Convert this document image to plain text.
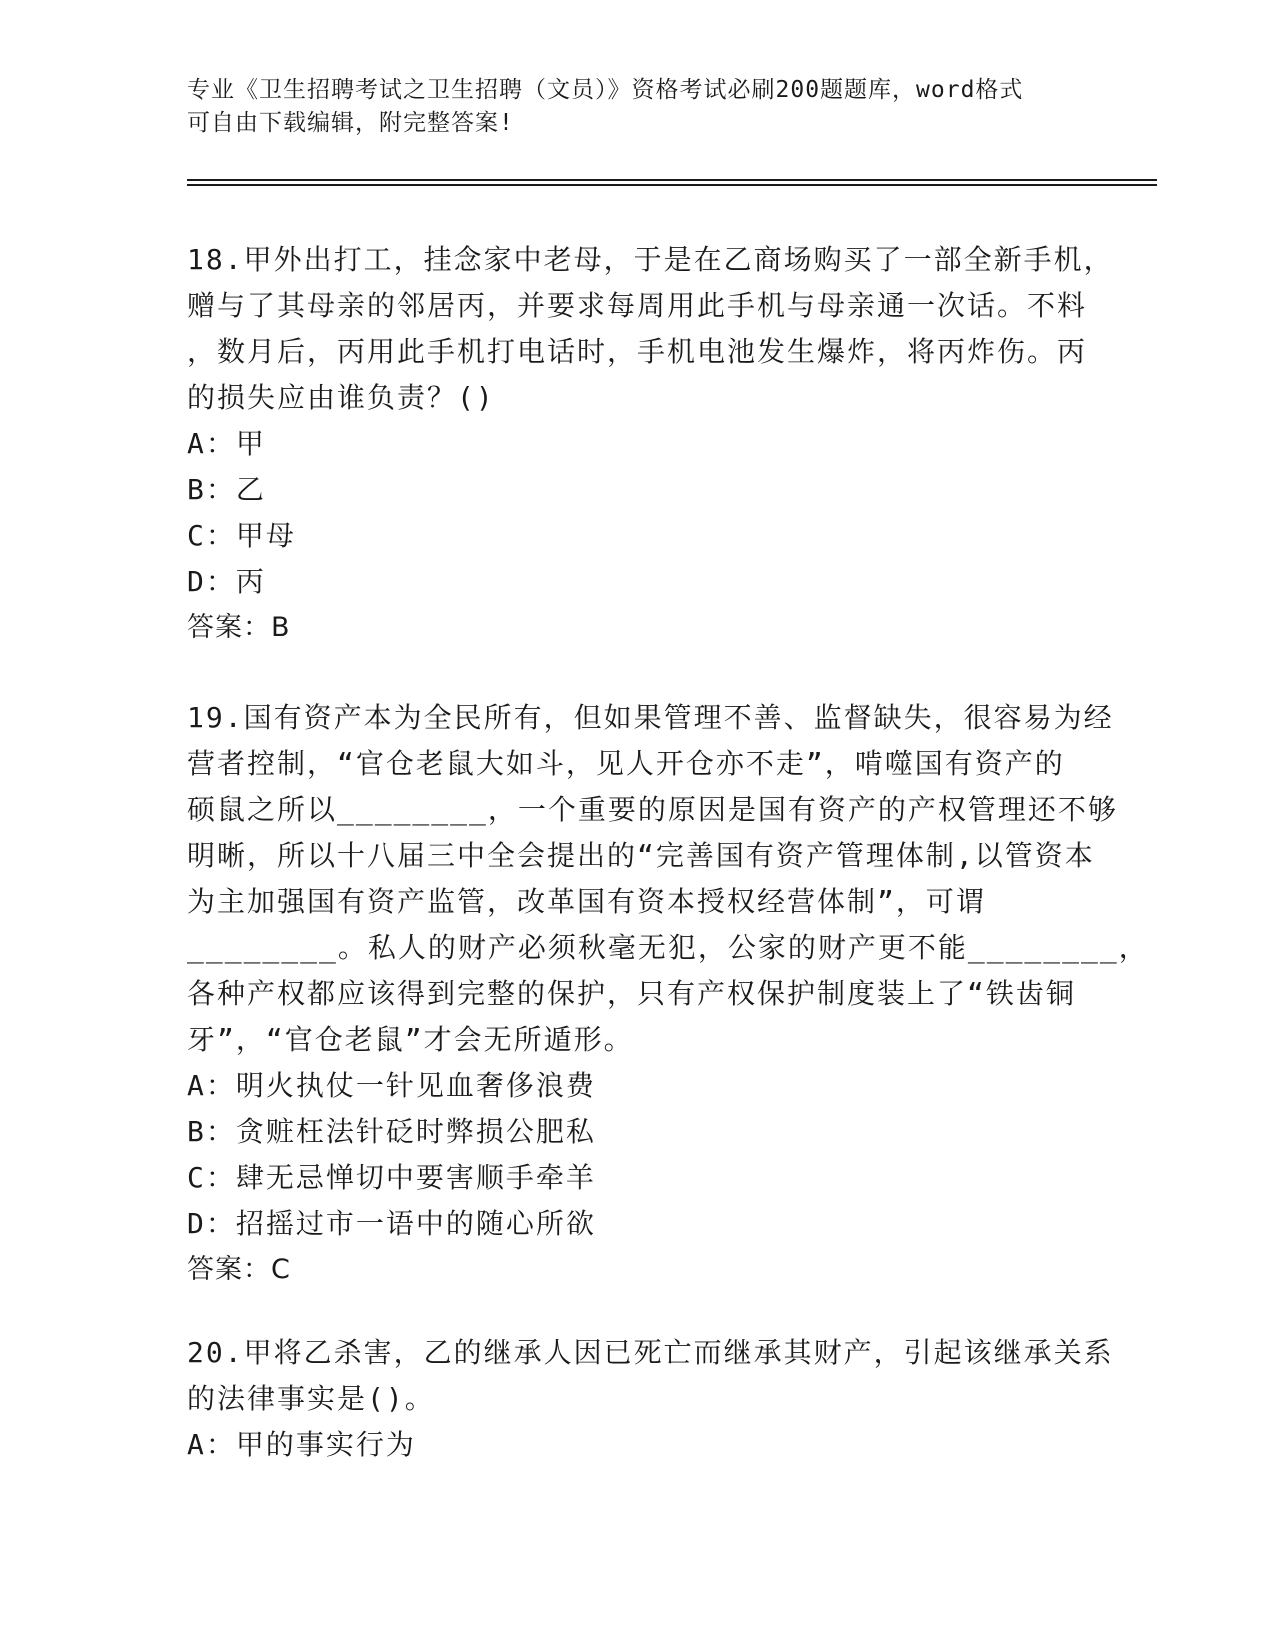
专业《卫生招聘考试之卫生招聘（文员）》资格考试必刷200题题库，word格式
可自由下载编辑，附完整答案!
18.甲外出打工，挂念家中老母，于是在乙商场购买了一部全新手机，
赠与了其母亲的邻居丙，并要求每周用此手机与母亲通一次话。不料
，数月后，丙用此手机打电话时，手机电池发生爆炸，将丙炸伤。丙
的损失应由谁负责？()
A：甲
B：乙
C：甲母
D：丙
答案：B
19.国有资产本为全民所有，但如果管理不善、监督缺失，很容易为经
营者控制，“官仓老鼠大如斗，见人开仓亦不走”，啃噬国有资产的
硕鼠之所以________，一个重要的原因是国有资产的产权管理还不够
明晰，所以十八届三中全会提出的“完善国有资产管理体制,以管资本
为主加强国有资产监管，改革国有资本授权经营体制”，可谓
________。私人的财产必须秋毫无犯，公家的财产更不能________，
各种产权都应该得到完整的保护，只有产权保护制度装上了“铁齿铜
牙”，“官仓老鼠”才会无所遁形。
A：明火执仗一针见血奢侈浪费
B：贪赃枉法针砭时弊损公肥私
C：肆无忌惮切中要害顺手牵羊
D：招摇过市一语中的随心所欲
答案：C
20.甲将乙杀害，乙的继承人因已死亡而继承其财产，引起该继承关系
的法律事实是()。
A：甲的事实行为
